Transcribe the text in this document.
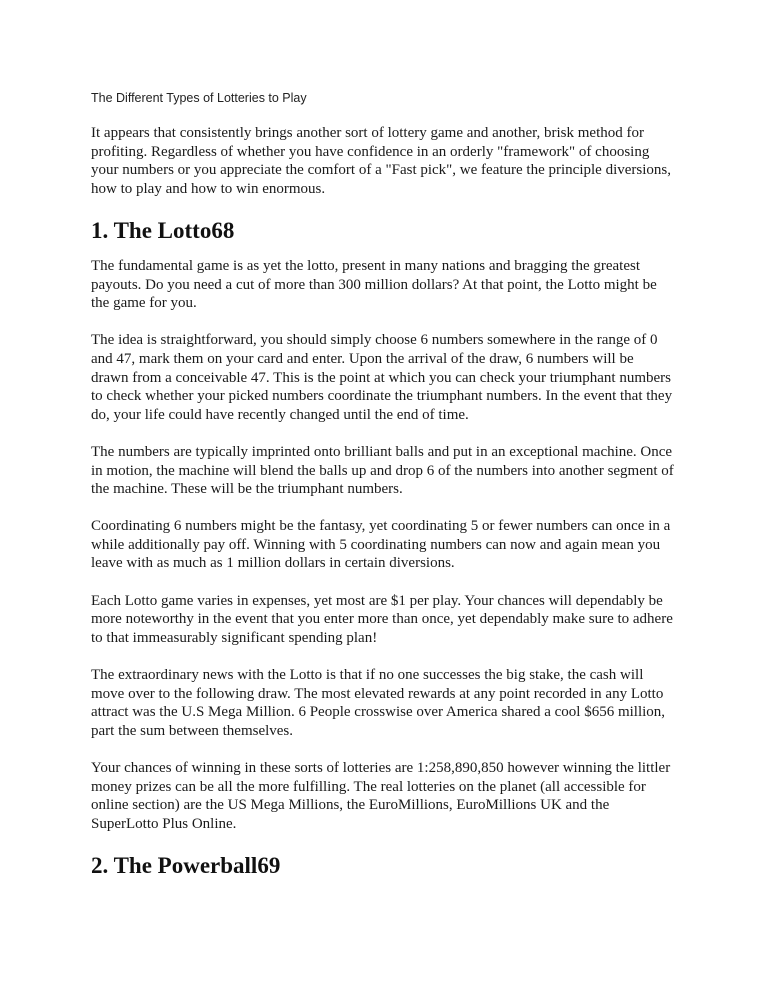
The Different Types of Lotteries to Play

It appears that consistently brings another sort of lottery game and another, brisk method for
profiting. Regardless of whether you have confidence in an orderly "framework" of choosing
your numbers or you appreciate the comfort of a "Fast pick", we feature the principle diversions,
how to play and how to win enormous.

1. The Lotto68

The fundamental game is as yet the lotto, present in many nations and bragging the greatest
payouts. Do you need a cut of more than 300 million dollars? At that point, the Lotto might be
the game for you.

The idea is straightforward, you should simply choose 6 numbers somewhere in the range of 0
and 47, mark them on your card and enter. Upon the arrival of the draw, 6 numbers will be
drawn from a conceivable 47. This is the point at which you can check your triumphant numbers
to check whether your picked numbers coordinate the triumphant numbers. In the event that they
do, your life could have recently changed until the end of time.

The numbers are typically imprinted onto brilliant balls and put in an exceptional machine. Once
in motion, the machine will blend the balls up and drop 6 of the numbers into another segment of
the machine. These will be the triumphant numbers.

Coordinating 6 numbers might be the fantasy, yet coordinating 5 or fewer numbers can once in a
while additionally pay off. Winning with 5 coordinating numbers can now and again mean you
leave with as much as 1 million dollars in certain diversions.

Each Lotto game varies in expenses, yet most are $1 per play. Your chances will dependably be
more noteworthy in the event that you enter more than once, yet dependably make sure to adhere
to that immeasurably significant spending plan!

The extraordinary news with the Lotto is that if no one successes the big stake, the cash will
move over to the following draw. The most elevated rewards at any point recorded in any Lotto
attract was the U.S Mega Million. 6 People crosswise over America shared a cool $656 million,
part the sum between themselves.

Your chances of winning in these sorts of lotteries are 1:258,890,850 however winning the littler
money prizes can be all the more fulfilling. The real lotteries on the planet (all accessible for
online section) are the US Mega Millions, the EuroMillions, EuroMillions UK and the
SuperLotto Plus Online.

2. The Powerball69
